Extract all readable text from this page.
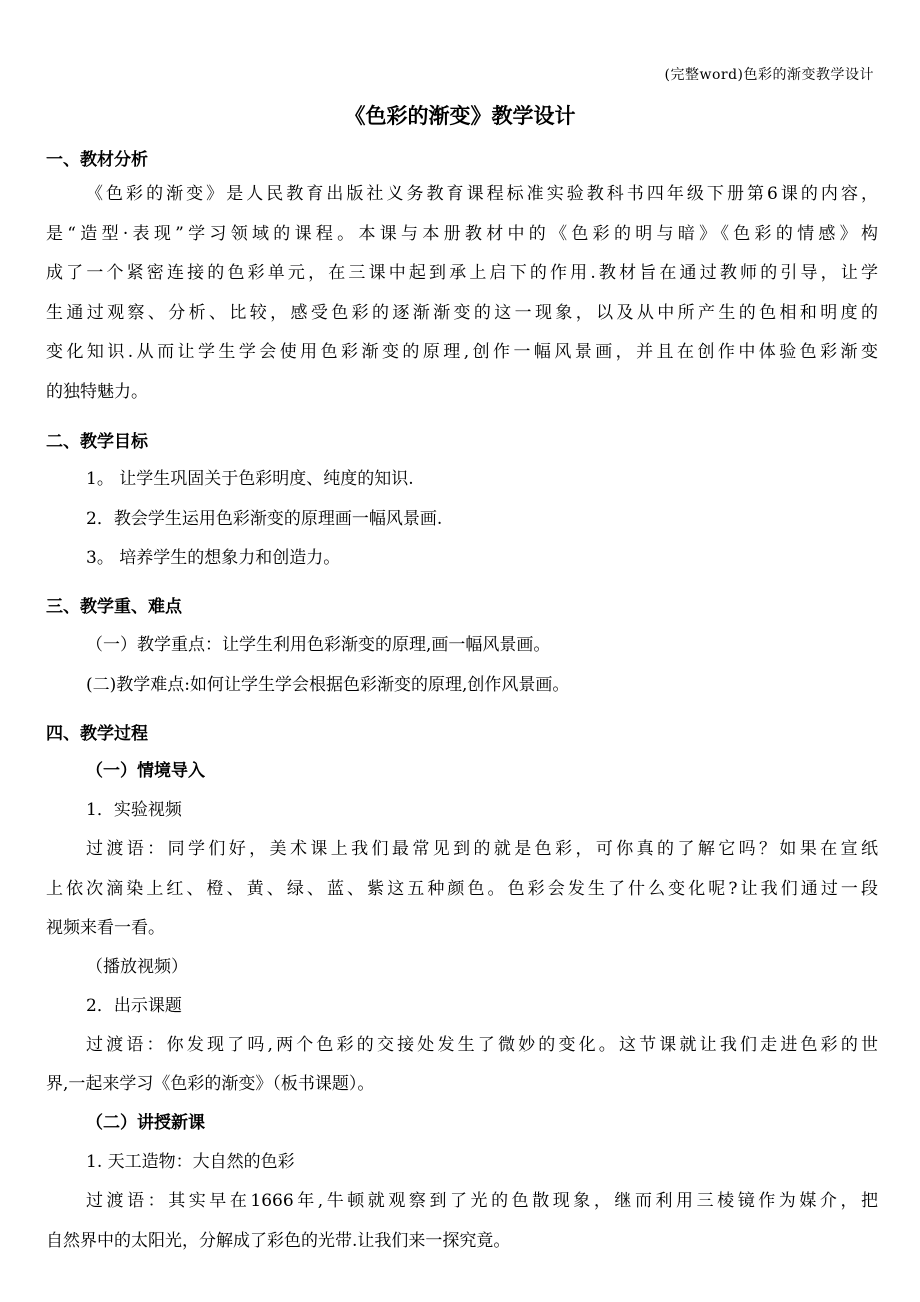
(完整word)色彩的渐变教学设计
《色彩的渐变》教学设计
一、教材分析
《色彩的渐变》是人民教育出版社义务教育课程标准实验教科书四年级下册第6课的内容，
是“造型·表现”学习领域的课程。本课与本册教材中的《色彩的明与暗》《色彩的情感》构
成了一个紧密连接的色彩单元，在三课中起到承上启下的作用.教材旨在通过教师的引导，让学
生通过观察、分析、比较，感受色彩的逐渐渐变的这一现象，以及从中所产生的色相和明度的
变化知识.从而让学生学会使用色彩渐变的原理,创作一幅风景画，并且在创作中体验色彩渐变
的独特魅力。
二、教学目标
1。 让学生巩固关于色彩明度、纯度的知识.
2．教会学生运用色彩渐变的原理画一幅风景画.
3。 培养学生的想象力和创造力。
三、教学重、难点
（一）教学重点：让学生利用色彩渐变的原理,画一幅风景画。
(二)教学难点:如何让学生学会根据色彩渐变的原理,创作风景画。
四、教学过程
（一）情境导入
1．实验视频
过渡语：同学们好，美术课上我们最常见到的就是色彩，可你真的了解它吗？如果在宣纸
上依次滴染上红、橙、黄、绿、蓝、紫这五种颜色。色彩会发生了什么变化呢?让我们通过一段
视频来看一看。
（播放视频）
2．出示课题
过渡语：你发现了吗,两个色彩的交接处发生了微妙的变化。这节课就让我们走进色彩的世
界,一起来学习《色彩的渐变》（板书课题）。
（二）讲授新课
1. 天工造物：大自然的色彩
过渡语：其实早在1666年,牛顿就观察到了光的色散现象，继而利用三棱镜作为媒介，把
自然界中的太阳光，分解成了彩色的光带.让我们来一探究竟。
